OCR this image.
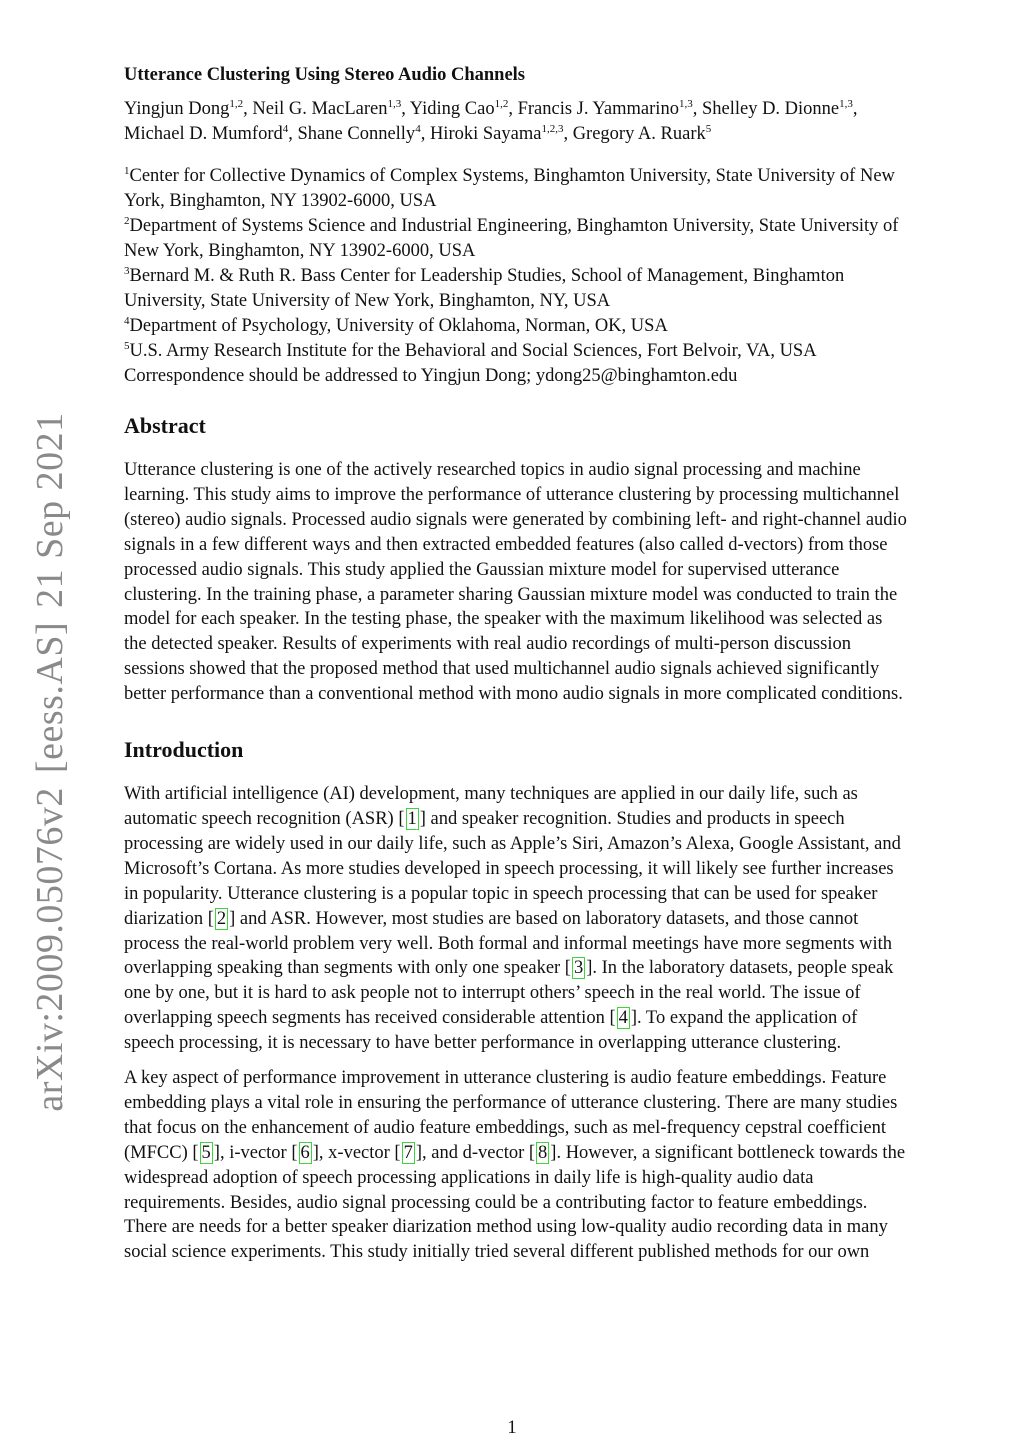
arXiv:2009.05076v2[eess.AS]21 Sep 2021
Utterance Clustering Using Stereo Audio Channels
Yingjun Dong$^{1,2}$, Neil G. MacLaren$^{1,3}$, Yiding Cao$^{1,2}$, Francis J. Yammarino$^{1,3}$, Shelley D. Dionne$^{1,3}$, Michael D. Mumford$^4$, Shane Connelly$^4$, Hiroki Sayama$^{1,2,3}$, Gregory A. Ruark$^5$
$^1$Center for Collective Dynamics of Complex Systems, Binghamton University, State University of New York, Binghamton, NY 13902-6000, USA
$^2$Department of Systems Science and Industrial Engineering, Binghamton University, State University of New York, Binghamton, NY 13902-6000, USA
$^3$Bernard M. & Ruth R. Bass Center for Leadership Studies, School of Management, Binghamton University, State University of New York, Binghamton, NY, USA
$^4$Department of Psychology, University of Oklahoma, Norman, OK, USA
$^5$U.S. Army Research Institute for the Behavioral and Social Sciences, Fort Belvoir, VA, USA
Correspondence should be addressed to Yingjun Dong; ydong25@binghamton.edu
Abstract

Utterance clustering is one of the actively researched topics in audio signal processing and machine learning. This study aims to improve the performance of utterance clustering by processing multichannel (stereo) audio signals. Processed audio signals were generated by combining left- and right-channel audio signals in a few different ways and then extracted embedded features (also called d-vectors) from those processed audio signals. This study applied the Gaussian mixture model for supervised utterance clustering. In the training phase, a parameter sharing Gaussian mixture model was conducted to train the model for each speaker. In the testing phase, the speaker with the maximum likelihood was selected as the detected speaker. Results of experiments with real audio recordings of multi-person discussion sessions showed that the proposed method that used multichannel audio signals achieved significantly better performance than a conventional method with mono audio signals in more complicated conditions.

Introduction

With artificial intelligence (AI) development, many techniques are applied in our daily life, such as automatic speech recognition (ASR) [ 1 ] and speaker recognition. Studies and products in speech processing are widely used in our daily life, such as Apple’s Siri, Amazon’s Alexa, Google Assistant, and Microsoft’s Cortana. As more studies developed in speech processing, it will likely see further increases in popularity. Utterance clustering is a popular topic in speech processing that can be used for speaker diarization [ 2 ] and ASR. However, most studies are based on laboratory datasets, and those cannot process the real-world problem very well. Both formal and informal meetings have more segments with overlapping speaking than segments with only one speaker [ 3 ]. In the laboratory datasets, people speak one by one, but it is hard to ask people not to interrupt others’ speech in the real world. The issue of overlapping speech segments has received considerable attention [ 4 ]. To expand the application of speech processing, it is necessary to have better performance in overlapping utterance clustering.

A key aspect of performance improvement in utterance clustering is audio feature embeddings. Feature embedding plays a vital role in ensuring the performance of utterance clustering. There are many studies that focus on the enhancement of audio feature embeddings, such as mel-frequency cepstral coefficient (MFCC) [ 5 ], i-vector [ 6 ], x-vector [ 7 ], and d-vector [ 8 ]. However, a significant bottleneck towards the widespread adoption of speech processing applications in daily life is high-quality audio data requirements. Besides, audio signal processing could be a contributing factor to feature embeddings. There are needs for a better speaker diarization method using low-quality audio recording data in many social science experiments. This study initially tried several different published methods for our own

1
